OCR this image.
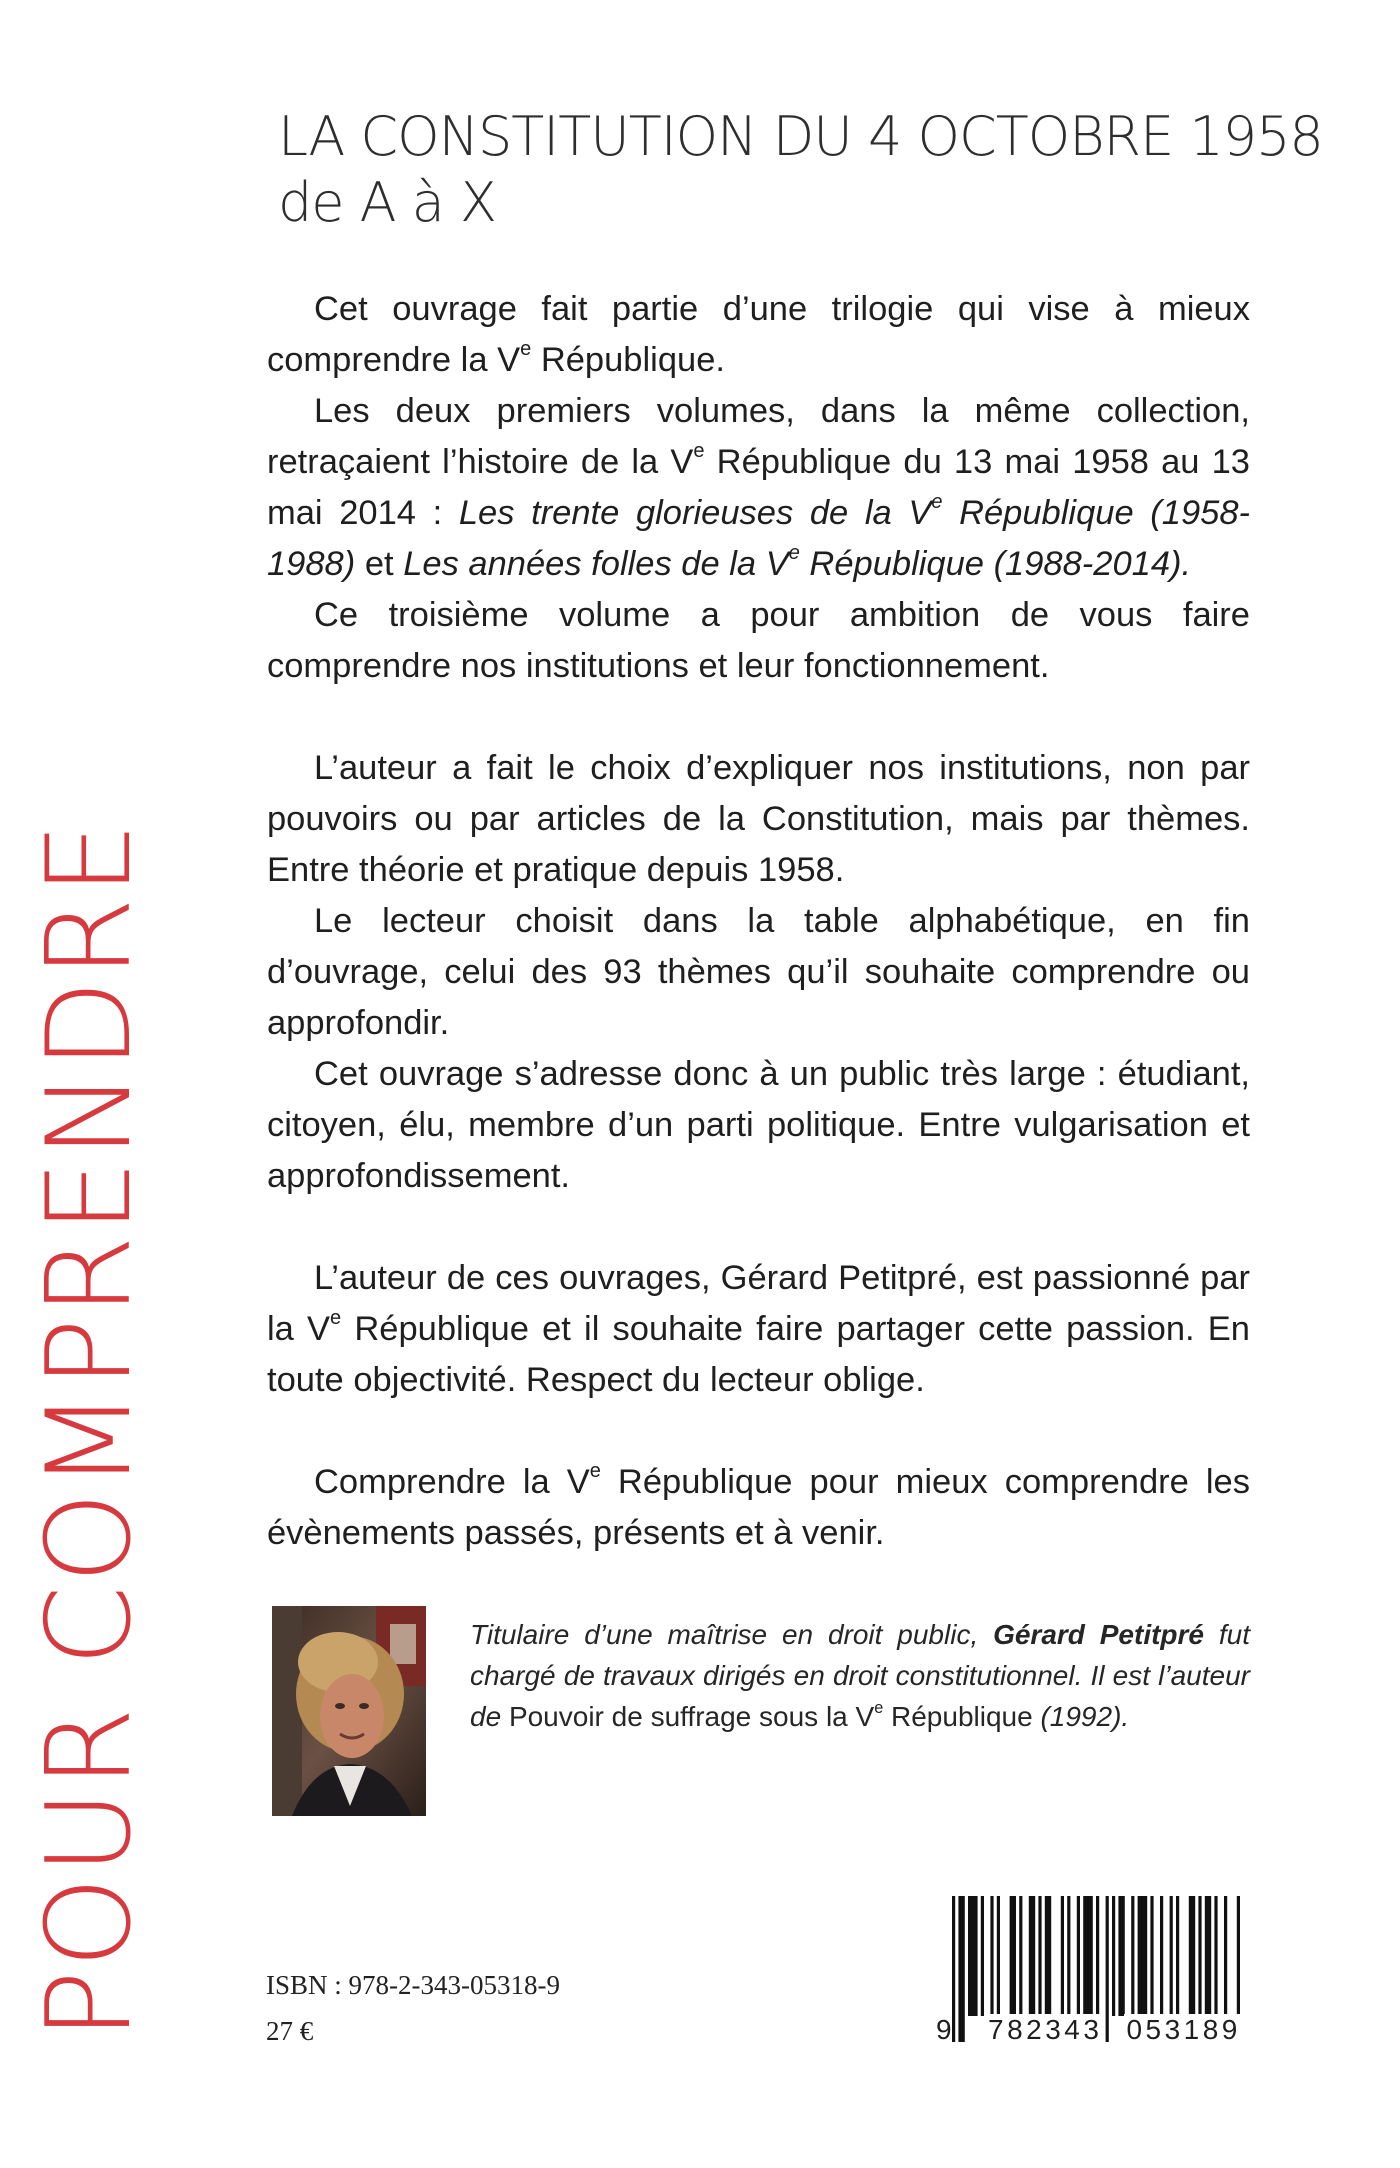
POUR COMPRENDRE
LA CONSTITUTION DU 4 OCTOBRE 1958
de A à X

Cet ouvrage fait partie d’une trilogie qui vise à mieux comprendre la Ve République.

Les deux premiers volumes, dans la même collection, retraçaient l’histoire de la Ve République du 13 mai 1958 au 13 mai 2014 : Les trente glorieuses de la Ve République (1958-1988) et Les années folles de la Ve République (1988-2014).

Ce troisième volume a pour ambition de vous faire comprendre nos institutions et leur fonctionnement.

L’auteur a fait le choix d’expliquer nos institutions, non par pouvoirs ou par articles de la Constitution, mais par thèmes. Entre théorie et pratique depuis 1958.

Le lecteur choisit dans la table alphabétique, en fin d’ouvrage, celui des 93 thèmes qu’il souhaite comprendre ou approfondir.

Cet ouvrage s’adresse donc à un public très large : étudiant, citoyen, élu, membre d’un parti politique. Entre vulgarisation et approfondissement.

L’auteur de ces ouvrages, Gérard Petitpré, est passionné par la Ve République et il souhaite faire partager cette passion. En toute objectivité. Respect du lecteur oblige.

Comprendre la Ve République pour mieux comprendre les évènements passés, présents et à venir.

Titulaire d’une maîtrise en droit public, Gérard Petitpré fut chargé de travaux dirigés en droit constitutionnel. Il est l’auteur de Pouvoir de suffrage sous la Ve République (1992).
ISBN : 978-2-343-05318-9
27 €	9	782343 053189
